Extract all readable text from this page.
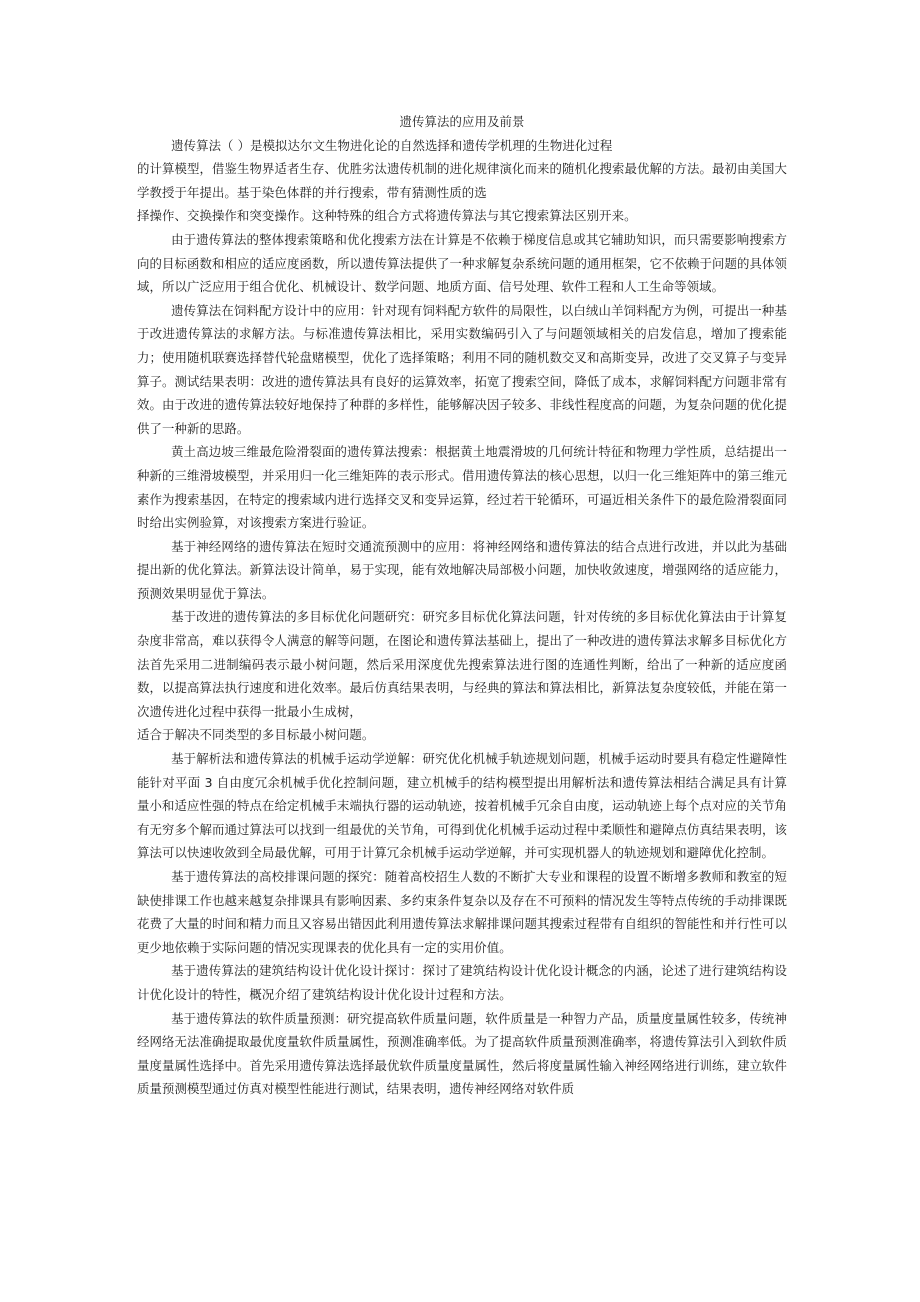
遗传算法的应用及前景

遗传算法（ ）是模拟达尔文生物进化论的自然选择和遗传学机理的生物进化过程

的计算模型，借鉴生物界适者生存、优胜劣汰遗传机制的进化规律演化而来的随机化搜索最优解的方法。最初由美国大学教授于年提出。基于染色体群的并行搜索，带有猜测性质的选

择操作、交换操作和突变操作。这种特殊的组合方式将遗传算法与其它搜索算法区别开来。

由于遗传算法的整体搜索策略和优化搜索方法在计算是不依赖于梯度信息或其它辅助知识，而只需要影响搜索方向的目标函数和相应的适应度函数，所以遗传算法提供了一种求解复杂系统问题的通用框架，它不依赖于问题的具体领域，所以广泛应用于组合优化、机械设计、数学问题、地质方面、信号处理、软件工程和人工生命等领域。

遗传算法在饲料配方设计中的应用：针对现有饲料配方软件的局限性，以白绒山羊饲料配方为例，可提出一种基于改进遗传算法的求解方法。与标准遗传算法相比，采用实数编码引入了与问题领域相关的启发信息，增加了搜索能力；使用随机联赛选择替代轮盘赌模型，优化了选择策略；利用不同的随机数交叉和高斯变异，改进了交叉算子与变异算子。测试结果表明：改进的遗传算法具有良好的运算效率，拓宽了搜索空间，降低了成本，求解饲料配方问题非常有效。由于改进的遗传算法较好地保持了种群的多样性，能够解决因子较多、非线性程度高的问题，为复杂问题的优化提供了一种新的思路。

黄土高边坡三维最危险滑裂面的遗传算法搜索：根据黄土地震滑坡的几何统计特征和物理力学性质，总结提出一种新的三维滑坡模型，并采用归一化三维矩阵的表示形式。借用遗传算法的核心思想，以归一化三维矩阵中的第三维元素作为搜索基因，在特定的搜索域内进行选择交叉和变异运算，经过若干轮循环，可逼近相关条件下的最危险滑裂面同时给出实例验算，对该搜索方案进行验证。

基于神经网络的遗传算法在短时交通流预测中的应用：将神经网络和遗传算法的结合点进行改进，并以此为基础提出新的优化算法。新算法设计简单，易于实现，能有效地解决局部极小问题，加快收敛速度，增强网络的适应能力，预测效果明显优于算法。

基于改进的遗传算法的多目标优化问题研究：研究多目标优化算法问题，针对传统的多目标优化算法由于计算复杂度非常高，难以获得令人满意的解等问题，在图论和遗传算法基础上，提出了一种改进的遗传算法求解多目标优化方法首先采用二进制编码表示最小树问题，然后采用深度优先搜索算法进行图的连通性判断，给出了一种新的适应度函数，以提高算法执行速度和进化效率。最后仿真结果表明，与经典的算法和算法相比，新算法复杂度较低，并能在第一次遗传进化过程中获得一批最小生成树，

适合于解决不同类型的多目标最小树问题。

基于解析法和遗传算法的机械手运动学逆解：研究优化机械手轨迹规划问题，机械手运动时要具有稳定性避障性能针对平面 3 自由度冗余机械手优化控制问题，建立机械手的结构模型提出用解析法和遗传算法相结合满足具有计算量小和适应性强的特点在给定机械手末端执行器的运动轨迹，按着机械手冗余自由度，运动轨迹上每个点对应的关节角有无穷多个解而通过算法可以找到一组最优的关节角，可得到优化机械手运动过程中柔顺性和避障点仿真结果表明，该算法可以快速收敛到全局最优解，可用于计算冗余机械手运动学逆解，并可实现机器人的轨迹规划和避障优化控制。

基于遗传算法的高校排课问题的探究：随着高校招生人数的不断扩大专业和课程的设置不断增多教师和教室的短缺使排课工作也越来越复杂排课具有影响因素、多约束条件复杂以及存在不可预料的情况发生等特点传统的手动排课既花费了大量的时间和精力而且又容易出错因此利用遗传算法求解排课问题其搜索过程带有自组织的智能性和并行性可以更少地依赖于实际问题的情况实现课表的优化具有一定的实用价值。

基于遗传算法的建筑结构设计优化设计探讨：探讨了建筑结构设计优化设计概念的内涵，论述了进行建筑结构设计优化设计的特性，概况介绍了建筑结构设计优化设计过程和方法。

基于遗传算法的软件质量预测：研究提高软件质量问题，软件质量是一种智力产品，质量度量属性较多，传统神经网络无法准确提取最优度量软件质量属性，预测准确率低。为了提高软件质量预测准确率，将遗传算法引入到软件质量度量属性选择中。首先采用遗传算法选择最优软件质量度量属性，然后将度量属性输入神经网络进行训练，建立软件质量预测模型通过仿真对模型性能进行测试，结果表明，遗传神经网络对软件质
